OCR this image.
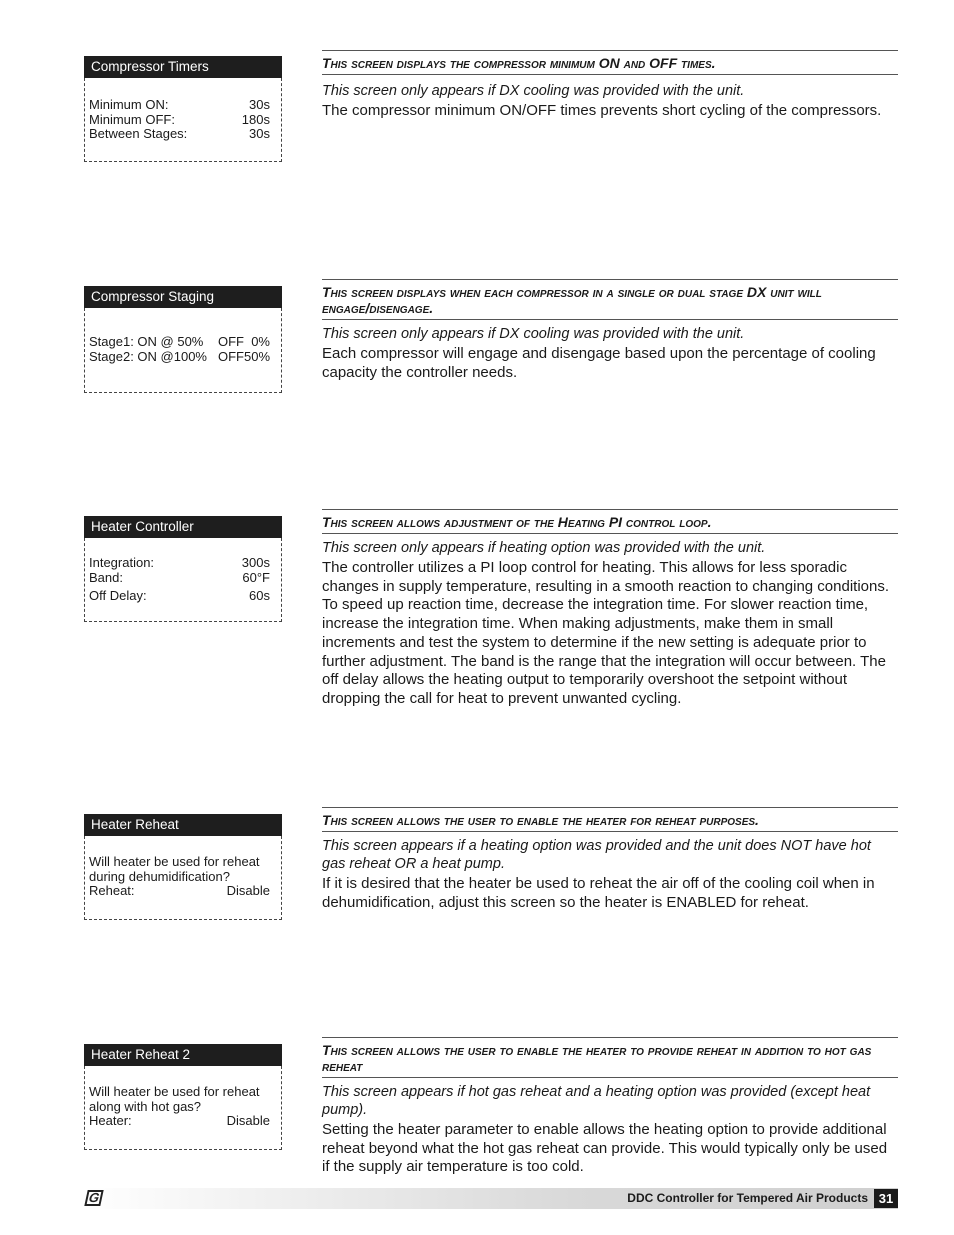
Compressor Timers
Minimum ON:	30s
Minimum OFF:	180s
Between Stages:	30s
This screen displays the compressor minimum ON and OFF times.
This screen only appears if DX cooling was provided with the unit.
The compressor minimum ON/OFF times prevents short cycling of the compressors.
Compressor Staging
Stage1: ON @ 50% OFF  0%
Stage2: ON @100% OFF50%
This screen displays when each compressor in a single or dual stage DX unit will engage/disengage.
This screen only appears if DX cooling was provided with the unit.
Each compressor will engage and disengage based upon the percentage of cooling capacity the controller needs.
Heater Controller
Integration:	300s
Band:	60°F
Off Delay:	60s
This screen allows adjustment of the Heating PI control loop.
This screen only appears if heating option was provided with the unit.
The controller utilizes a PI loop control for heating. This allows for less sporadic changes in supply temperature, resulting in a smooth reaction to changing conditions. To speed up reaction time, decrease the integration time. For slower reaction time, increase the integration time. When making adjustments, make them in small increments and test the system to determine if the new setting is adequate prior to further adjustment. The band is the range that the integration will occur between. The off delay allows the heating output to temporarily overshoot the setpoint without dropping the call for heat to prevent unwanted cycling.
Heater Reheat
Will heater be used for reheat
during dehumidification?
Reheat:	Disable
This screen allows the user to enable the heater for reheat purposes.
This screen appears if a heating option was provided and the unit does NOT have hot gas reheat OR a heat pump.
If it is desired that the heater be used to reheat the air off of the cooling coil when in dehumidification, adjust this screen so the heater is ENABLED for reheat.
Heater Reheat 2
Will heater be used for reheat
along with hot gas?
Heater:	Disable
This screen allows the user to enable the heater to provide reheat in addition to hot gas reheat
This screen appears if hot gas reheat and a heating option was provided (except heat pump).
Setting the heater parameter to enable allows the heating option to provide additional reheat beyond what the hot gas reheat can provide. This would typically only be used if the supply air temperature is too cold.
G	DDC Controller for Tempered Air Products 31
